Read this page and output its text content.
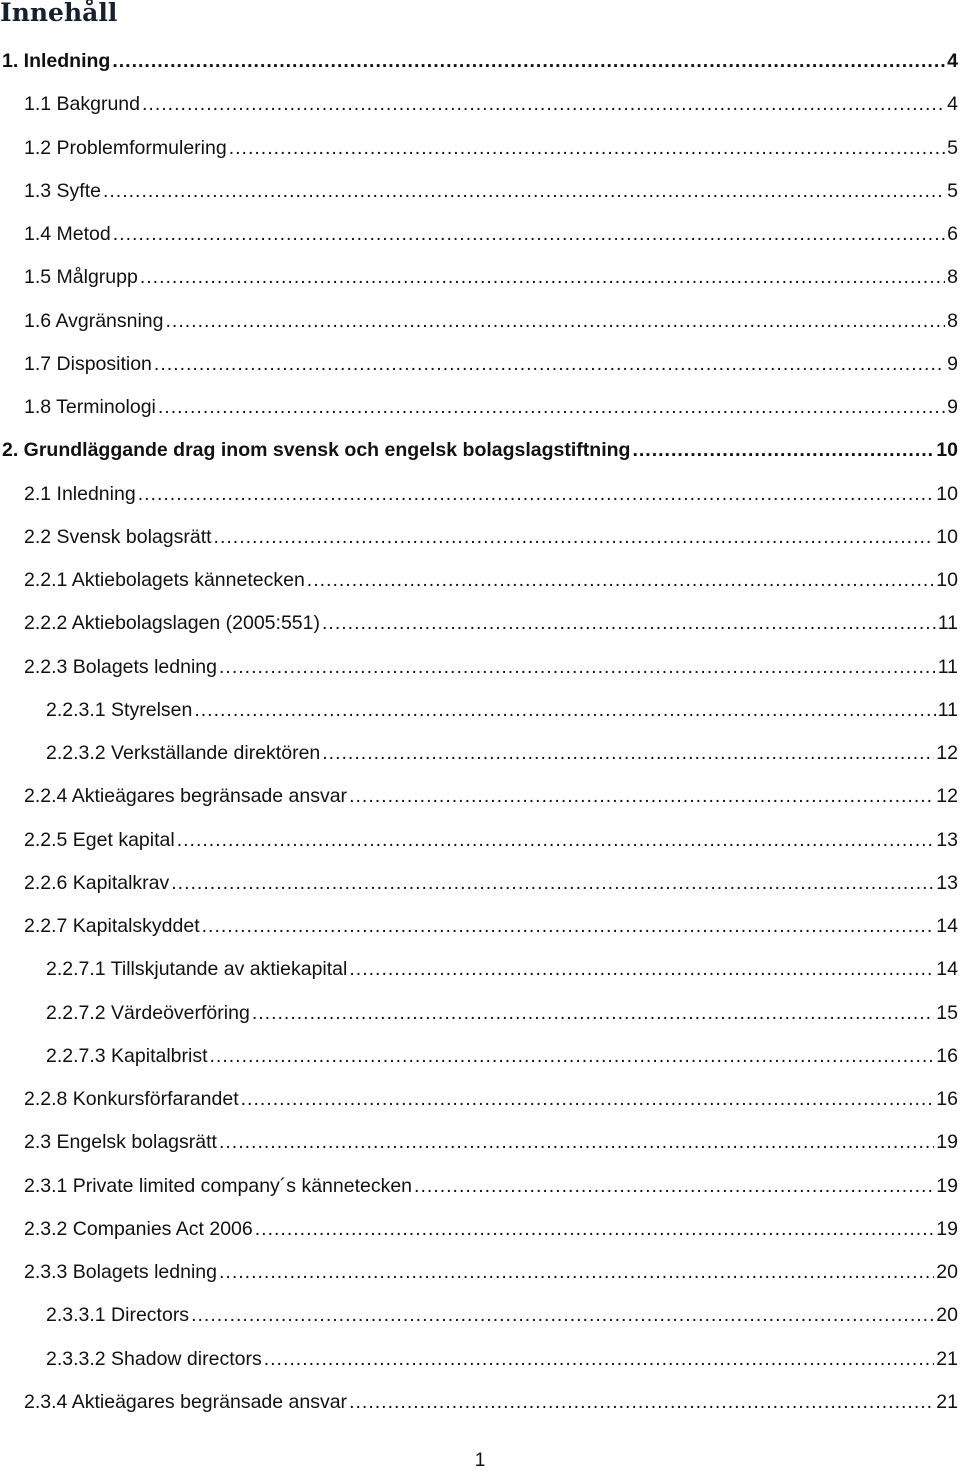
Innehåll
1. Inledning .....	4
1.1 Bakgrund .....	4
1.2 Problemformulering .....	5
1.3 Syfte .....	5
1.4 Metod .....	6
1.5 Målgrupp .....	8
1.6 Avgränsning .....	8
1.7 Disposition .....	9
1.8 Terminologi .....	9
2. Grundläggande drag inom svensk och engelsk bolagslagstiftning .....	10
2.1 Inledning .....	10
2.2 Svensk bolagsrätt .....	10
2.2.1 Aktiebolagets kännetecken .....	10
2.2.2 Aktiebolagslagen (2005:551) .....	11
2.2.3 Bolagets ledning .....	11
2.2.3.1 Styrelsen .....	11
2.2.3.2 Verkställande direktören .....	12
2.2.4 Aktieägares begränsade ansvar .....	12
2.2.5 Eget kapital .....	13
2.2.6 Kapitalkrav .....	13
2.2.7 Kapitalskyddet .....	14
2.2.7.1 Tillskjutande av aktiekapital .....	14
2.2.7.2 Värdeöverföring .....	15
2.2.7.3 Kapitalbrist .....	16
2.2.8 Konkursförfarandet .....	16
2.3 Engelsk bolagsrätt .....	19
2.3.1 Private limited company´s kännetecken .....	19
2.3.2 Companies Act 2006 .....	19
2.3.3 Bolagets ledning .....	20
2.3.3.1 Directors .....	20
2.3.3.2 Shadow directors .....	21
2.3.4 Aktieägares begränsade ansvar .....	21
1
